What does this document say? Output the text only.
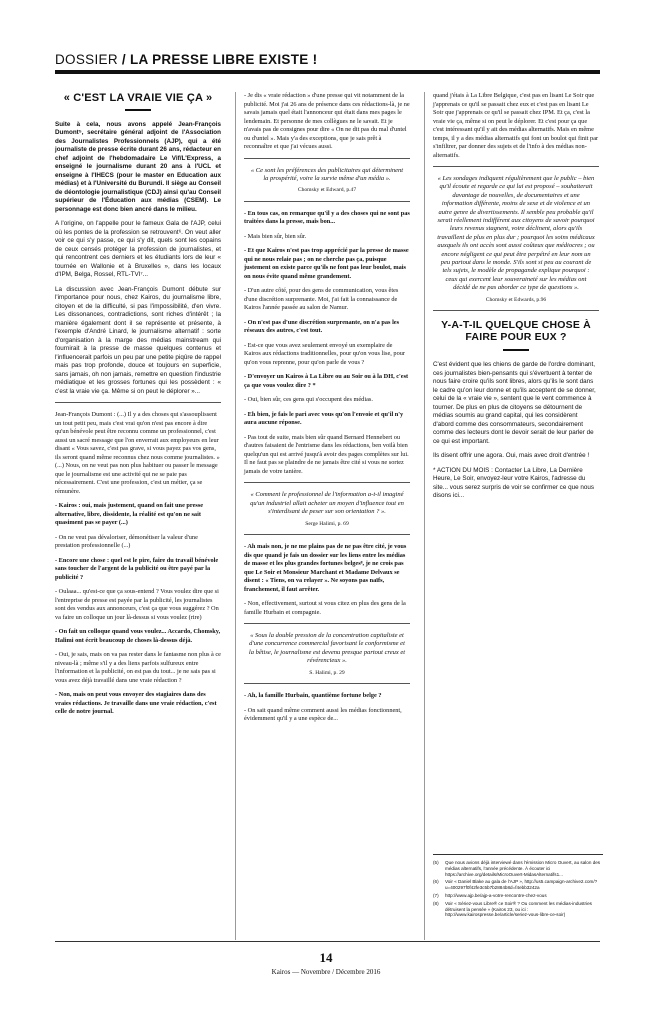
DOSSIER / LA PRESSE LIBRE EXISTE !
« C'EST LA VRAIE VIE ÇA »

Suite à cela, nous avons appelé Jean-François Dumont⁵, secrétaire général adjoint de l'Association des Journalistes Professionnels (AJP), qui a été journaliste de presse écrite durant 26 ans, rédacteur en chef adjoint de l'hebdomadaire Le Vif/L'Express, a enseigné le journalisme durant 20 ans à l'UCL et enseigne à l'IHECS (pour le master en Education aux médias) et à l'Université du Burundi. Il siège au Conseil de déontologie journalistique (CDJ) ainsi qu'au Conseil supérieur de l'Éducation aux médias (CSEM). Le personnage est donc bien ancré dans le milieu.

A l'origine, on l'appelle pour le fameux Gala de l'AJP, celui où les pontes de la profession se retrouvent⁶. On veut aller voir ce qui s'y passe, ce qui s'y dit, quels sont les copains de ceux censés protéger la profession de journalistes, et qui rencontrent ces derniers et les étudiants lors de leur « tournée en Wallonie et à Bruxelles », dans les locaux d'IPM, Belga, Rossel, RTL-TVI⁷...

La discussion avec Jean-François Dumont débute sur l'importance pour nous, chez Kairos, du journalisme libre, citoyen et de la difficulté, si pas l'impossibilité, d'en vivre. Les dissonances, contradictions, sont riches d'intérêt ; la manière également dont il se représente et présente, à l'exemple d'André Linard, le journalisme alternatif : sorte d'organisation à la marge des médias mainstream qui fournirait à la presse de masse quelques contenus et l'influencerait parfois un peu par une petite piqûre de rappel mais pas trop profonde, douce et toujours en superficie, sans jamais, oh non jamais, remettre en question l'industrie médiatique et les grosses fortunes qui les possèdent : « c'est la vraie vie ça. Même si on peut le déplorer »...

Jean-François Dumont : (...) Il y a des choses qui s'assouplissent un tout petit peu, mais c'est vrai qu'on n'est pas encore à dire qu'un bénévole peut être reconnu comme un professionnel, c'est aussi un sacré message que l'on enverrait aux employeurs en leur disant « Vous savez, c'est pas grave, si vous payez pas vos gens, ils seront quand même reconnus chez nous comme journalistes. » (...) Nous, on ne veut pas non plus habituer ou passer le message que le journalisme est une activité qui ne se paie pas nécessairement. C'est une profession, c'est un métier, ça se rémunère.

- Kairos : oui, mais justement, quand on fait une presse alternative, libre, dissidente, la réalité est qu'on ne sait quasiment pas se payer (...)

- On ne veut pas dévaloriser, démonétiser la valeur d'une prestation professionnelle (...)

- Encore une chose : quel est le pire, faire du travail bénévole sans toucher de l'argent de la publicité ou être payé par la publicité ?

- Oulaaa... qu'est-ce que ça sous-entend ? Vous voulez dire que si l'entreprise de presse est payée par la publicité, les journalistes sont des vendus aux annonceurs, c'est ça que vous suggérez ? On va faire un colloque un jour là-dessus si vous voulez (rire)

- On fait un colloque quand vous voulez... Accardo, Chomsky, Halimi ont écrit beaucoup de choses là-dessus déjà.

- Oui, je sais, mais on va pas rester dans le fantasme non plus à ce niveau-là ; même s'il y a des liens parfois sulfureux entre l'information et la publicité, on est pas du tout... je ne sais pas si vous avez déjà travaillé dans une vraie rédaction ?

- Non, mais on peut vous envoyer des stagiaires dans des vraies rédactions. Je travaille dans une vraie rédaction, c'est celle de notre journal.

- Je dis « vraie rédaction » d'une presse qui vit notamment de la publicité. Moi j'ai 26 ans de présence dans ces rédactions-là, je ne savais jamais quel était l'annonceur qui était dans mes pages le lendemain. Et personne de mes collègues ne le savait. Et je n'avais pas de consignes pour dire « On ne dit pas du mal d'untel ou d'untel ». Mais y'a des exceptions, que je sais prêt à reconnaître et que j'ai vécues aussi.

« Ce sont les préférences des publicitaires qui déterminent la prospérité, voire la survie même d'un média ».
Chomsky et Edward, p.47

- En tous cas, on remarque qu'il y a des choses qui ne sont pas traitées dans la presse, mais bon...

- Mais bien sûr, bien sûr.

- Et que Kairos n'est pas trop apprécié par la presse de masse qui ne nous relaie pas ; on ne cherche pas ça, puisque justement on existe parce qu'ils ne font pas leur boulot, mais on nous évite quand même grandement.

- D'un autre côté, pour des gens de communication, vous êtes d'une discrétion surprenante. Moi, j'ai fait la connaissance de Kairos l'année passée au salon de Namur.

- On n'est pas d'une discrétion surprenante, on n'a pas les réseaux des autres, c'est tout.

- Est-ce que vous avez seulement envoyé un exemplaire de Kairos aux rédactions traditionnelles, pour qu'on vous lise, pour qu'on vous reprenne, pour qu'on parle de vous ?

- D'envoyer un Kairos à La Libre ou au Soir ou à la DH, c'est ça que vous voulez dire ? *

- Oui, bien sûr, ces gens qui s'occupent des médias.

- Eh bien, je fais le pari avec vous qu'on l'envoie et qu'il n'y aura aucune réponse.

- Pas tout de suite, mais bien sûr quand Bernard Hennebert ou d'autres faisaient de l'entrisme dans les rédactions, ben voilà bien quelqu'un qui est arrivé jusqu'à avoir des pages complètes sur lui. Il ne faut pas se plaindre de ne jamais être cité si vous ne sortez jamais de votre tanière.

« Comment le professionnel de l'information a-t-il imaginé qu'un industriel allait acheter un moyen d'influence tout en s'interdisant de peser sur son orientation ? ».
Serge Halimi, p. 69

- Ah mais non, je ne me plains pas de ne pas être cité, je vous dis que quand je fais un dossier sur les liens entre les médias de masse et les plus grandes fortunes belges⁸, je ne crois pas que Le Soir et Monsieur Marchant et Madame Delvaux se disent : « Tiens, on va relayer ». Ne soyons pas naïfs, franchement, il faut arrêter.

- Non, effectivement, surtout si vous citez en plus des gens de la famille Hurbain et compagnie.

« Sous la double pression de la concentration capitaliste et d'une concurrence commercial favorisant le conformisme et la bêtise, le journalisme est devenu presque partout creux et révérencieux ».
S. Halimi, p. 29

- Ah, la famille Hurbain, quantième fortune belge ?

- On sait quand même comment aussi les médias fonctionnent, évidemment qu'il y a une espèce de...

quand j'étais à La Libre Belgique, c'est pas en lisant Le Soir que j'apprenais ce qu'il se passait chez eux et c'est pas en lisant Le Soir que j'apprenais ce qu'il se passait chez IPM. Et ça, c'est la vraie vie ça, même si on peut le déplorer. Et c'est pour ça que c'est intéressant qu'il y ait des médias alternatifs. Mais en même temps, il y a des médias alternatifs qui font un boulot qui finit par s'infiltrer, par donner des sujets et de l'info à des médias non-alternatifs.

« Les sondages indiquent régulièrement que le public – bien qu'il écoute et regarde ce qui lui est proposé – souhaiterait davantage de nouvelles, de documentaires et une information différente, moins de sexe et de violence et un autre genre de divertissements. Il semble peu probable qu'il serait réellement indifférent aux citoyens de savoir pourquoi leurs revenus stagnent, voire déclinent, alors qu'ils travaillent de plus en plus dur ; pourquoi les soins médicaux auxquels ils ont accès sont aussi coûteux que médiocres ; ou encore négligent ce qui peut être perpétré en leur nom un peu partout dans le monde. S'ils sont si peu au courant de tels sujets, le modèle de propagande explique pourquoi : ceux qui exercent leur souveraineté sur les médias ont décidé de ne pas aborder ce type de questions ».
Chomsky et Edwards, p.96
Y-A-T-IL QUELQUE CHOSE À FAIRE POUR EUX ?

C'est évident que les chiens de garde de l'ordre dominant, ces journalistes bien-pensants qui s'évertuent à tenter de nous faire croire qu'ils sont libres, alors qu'ils le sont dans le cadre qu'on leur donne et qu'ils acceptent de se donner, celui de la « vraie vie », sentent que le vent commence à tourner. De plus en plus de citoyens se détournent de médias soumis au grand capital, qui les considèrent d'abord comme des consommateurs, secondairement comme des lecteurs dont le devoir serait de leur parler de ce qui est important.

Ils disent offrir une agora. Oui, mais avec droit d'entrée !

* ACTION DU MOIS : Contacter La Libre, La Dernière Heure, Le Soir, envoyez-leur votre Kairos, l'adresse du site... vous serez surpris de voir se confirmer ce que nous disons ici...

(5)	Que nous avions déjà interviewé dans l'émission Micro Ouvert, au salon des médias alternatifs, l'année précédente. À écouter ici https://archive.org/details/MicroOuvert-MidasAlternatifs1...
(6)	Voir « Daniel Blake au gala de l'AJP », http://us5.campaign-archive2.com/?u=400297f0f42fe3c5b7b2884b8d=f4ebb3242a
(7)	http://www.ajp.be/ajp-a-votre-rencontre-chez-vous
(8)	Voir « Sériez-vous Libre® ce Soir® ? Ou comment les médias-industries détruisent la pensée » (Kairos 23, ou ici : http://www.kairospresse.be/article/seriez-vous-libre-ce-soir)
14
Kairos — Novembre / Décembre 2016
